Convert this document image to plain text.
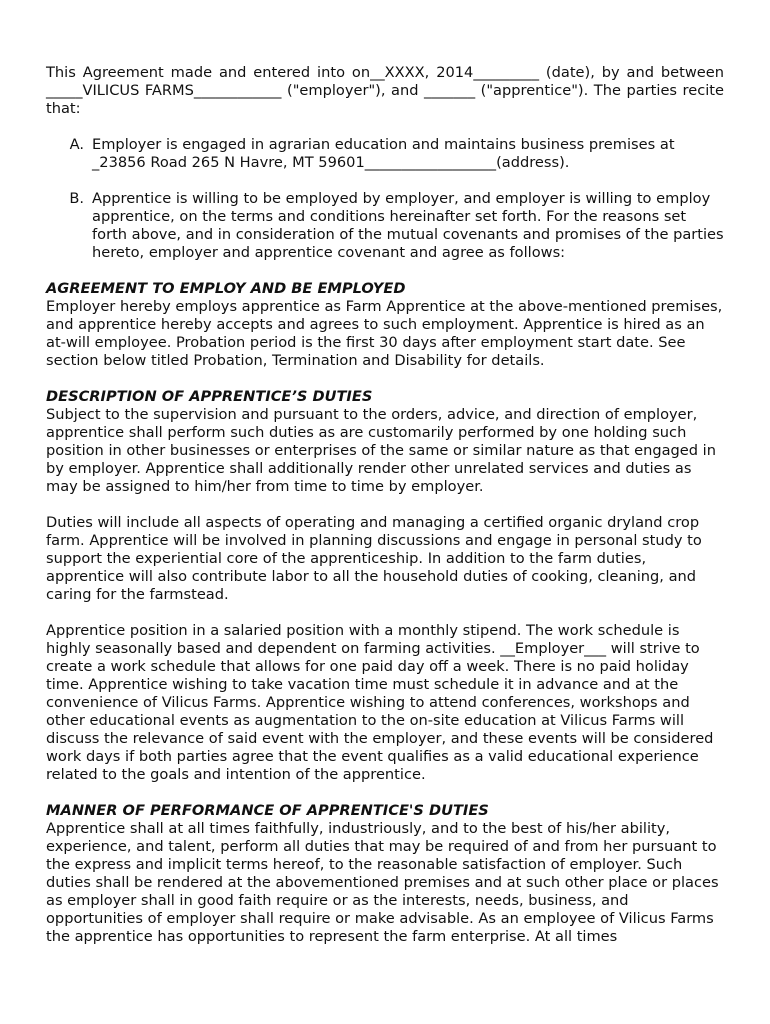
This Agreement made and entered into on__XXXX, 2014_________ (date), by and between _____VILICUS FARMS____________ ("employer"), and _______ ("apprentice"). The parties recite that:

A. Employer is engaged in agrarian education and maintains business premises at _23856 Road 265 N Havre, MT 59601__________________(address).
B. Apprentice is willing to be employed by employer, and employer is willing to employ apprentice, on the terms and conditions hereinafter set forth. For the reasons set forth above, and in consideration of the mutual covenants and promises of the parties hereto, employer and apprentice covenant and agree as follows:

AGREEMENT TO EMPLOY AND BE EMPLOYED

Employer hereby employs apprentice as Farm Apprentice at the above-mentioned premises, and apprentice hereby accepts and agrees to such employment. Apprentice is hired as an at-will employee. Probation period is the first 30 days after employment start date. See section below titled Probation, Termination and Disability for details.

DESCRIPTION OF APPRENTICE’S DUTIES

Subject to the supervision and pursuant to the orders, advice, and direction of employer, apprentice shall perform such duties as are customarily performed by one holding such position in other businesses or enterprises of the same or similar nature as that engaged in by employer. Apprentice shall additionally render other unrelated services and duties as may be assigned to him/her from time to time by employer.

Duties will include all aspects of operating and managing a certified organic dryland crop farm. Apprentice will be involved in planning discussions and engage in personal study to support the experiential core of the apprenticeship. In addition to the farm duties, apprentice will also contribute labor to all the household duties of cooking, cleaning, and caring for the farmstead.

Apprentice position in a salaried position with a monthly stipend. The work schedule is highly seasonally based and dependent on farming activities. __Employer___ will strive to create a work schedule that allows for one paid day off a week. There is no paid holiday time. Apprentice wishing to take vacation time must schedule it in advance and at the convenience of Vilicus Farms. Apprentice wishing to attend conferences, workshops and other educational events as augmentation to the on-site education at Vilicus Farms will discuss the relevance of said event with the employer, and these events will be considered work days if both parties agree that the event qualifies as a valid educational experience related to the goals and intention of the apprentice.

MANNER OF PERFORMANCE OF APPRENTICE'S DUTIES

Apprentice shall at all times faithfully, industriously, and to the best of his/her ability, experience, and talent, perform all duties that may be required of and from her pursuant to the express and implicit terms hereof, to the reasonable satisfaction of employer. Such duties shall be rendered at the abovementioned premises and at such other place or places as employer shall in good faith require or as the interests, needs, business, and opportunities of employer shall require or make advisable. As an employee of Vilicus Farms the apprentice has opportunities to represent the farm enterprise. At all times
